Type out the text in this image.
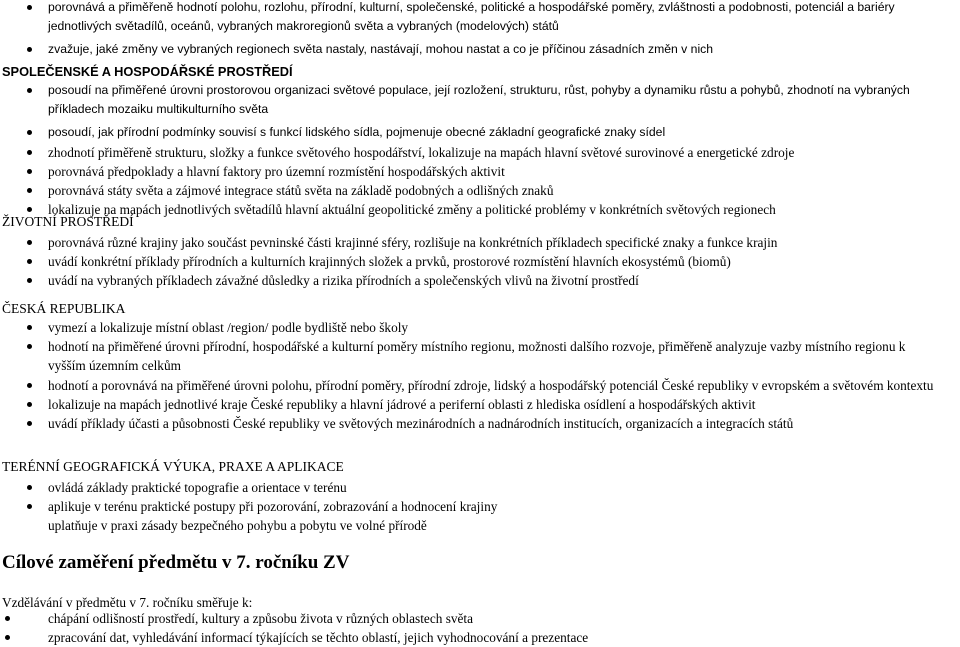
porovnává a přiměřeně hodnotí polohu, rozlohu, přírodní, kulturní, společenské, politické a hospodářské poměry, zvláštnosti a podobnosti, potenciál a bariéry jednotlivých světadílů, oceánů, vybraných makroregionů světa a vybraných (modelových) států
zvažuje, jaké změny ve vybraných regionech světa nastaly, nastávají, mohou nastat a co je příčinou zásadních změn v nich
SPOLEČENSKÉ A HOSPODÁŘSKÉ PROSTŘEDÍ
posoudí na přiměřené úrovni prostorovou organizaci světové populace, její rozložení, strukturu, růst, pohyby a dynamiku růstu a pohybů, zhodnotí na vybraných příkladech mozaiku multikulturního světa
posoudí, jak přírodní podmínky souvisí s funkcí lidského sídla, pojmenuje obecné základní geografické znaky sídel
zhodnotí přiměřeně strukturu, složky a funkce světového hospodářství, lokalizuje na mapách hlavní světové surovinové a energetické zdroje
porovnává předpoklady a hlavní faktory pro územní rozmístění hospodářských aktivit
porovnává státy světa a zájmové integrace států světa na základě podobných a odlišných znaků
lokalizuje na mapách jednotlivých světadílů hlavní aktuální geopolitické změny a politické problémy v konkrétních světových regionech
ŽIVOTNÍ PROSTŘEDÍ
porovnává různé krajiny jako součást pevninské části krajinné sféry, rozlišuje na konkrétních příkladech specifické znaky a funkce krajin
uvádí konkrétní příklady přírodních a kulturních krajinných složek a prvků, prostorové rozmístění hlavních ekosystémů (biomů)
uvádí na vybraných příkladech závažné důsledky a rizika přírodních a společenských vlivů na životní prostředí
ČESKÁ REPUBLIKA
vymezí a lokalizuje místní oblast /region/ podle bydliště nebo školy
hodnotí na přiměřené úrovni přírodní, hospodářské a kulturní poměry místního regionu, možnosti dalšího rozvoje, přiměřeně analyzuje vazby místního regionu k vyšším územním celkům
hodnotí a porovnává na přiměřené úrovni polohu, přírodní poměry, přírodní zdroje, lidský a hospodářský potenciál České republiky v evropském a světovém kontextu
lokalizuje na mapách jednotlivé kraje České republiky a hlavní jádrové a periferní oblasti z hlediska osídlení a hospodářských aktivit
uvádí příklady účasti a působnosti České republiky ve světových mezinárodních a nadnárodních institucích, organizacích a integracích států
TERÉNNÍ GEOGRAFICKÁ VÝUKA, PRAXE A APLIKACE
ovládá základy praktické topografie a orientace v terénu
aplikuje v terénu praktické postupy při pozorování, zobrazování a hodnocení krajiny
uplatňuje v praxi zásady bezpečného pohybu a pobytu ve volné přírodě
Cílové zaměření předmětu v 7. ročníku ZV
Vzdělávání v předmětu v 7. ročníku směřuje k:
chápání odlišností prostředí, kultury a způsobu života v různých oblastech světa
zpracování dat, vyhledávání informací týkajících se těchto oblastí, jejich vyhodnocování a prezentace
